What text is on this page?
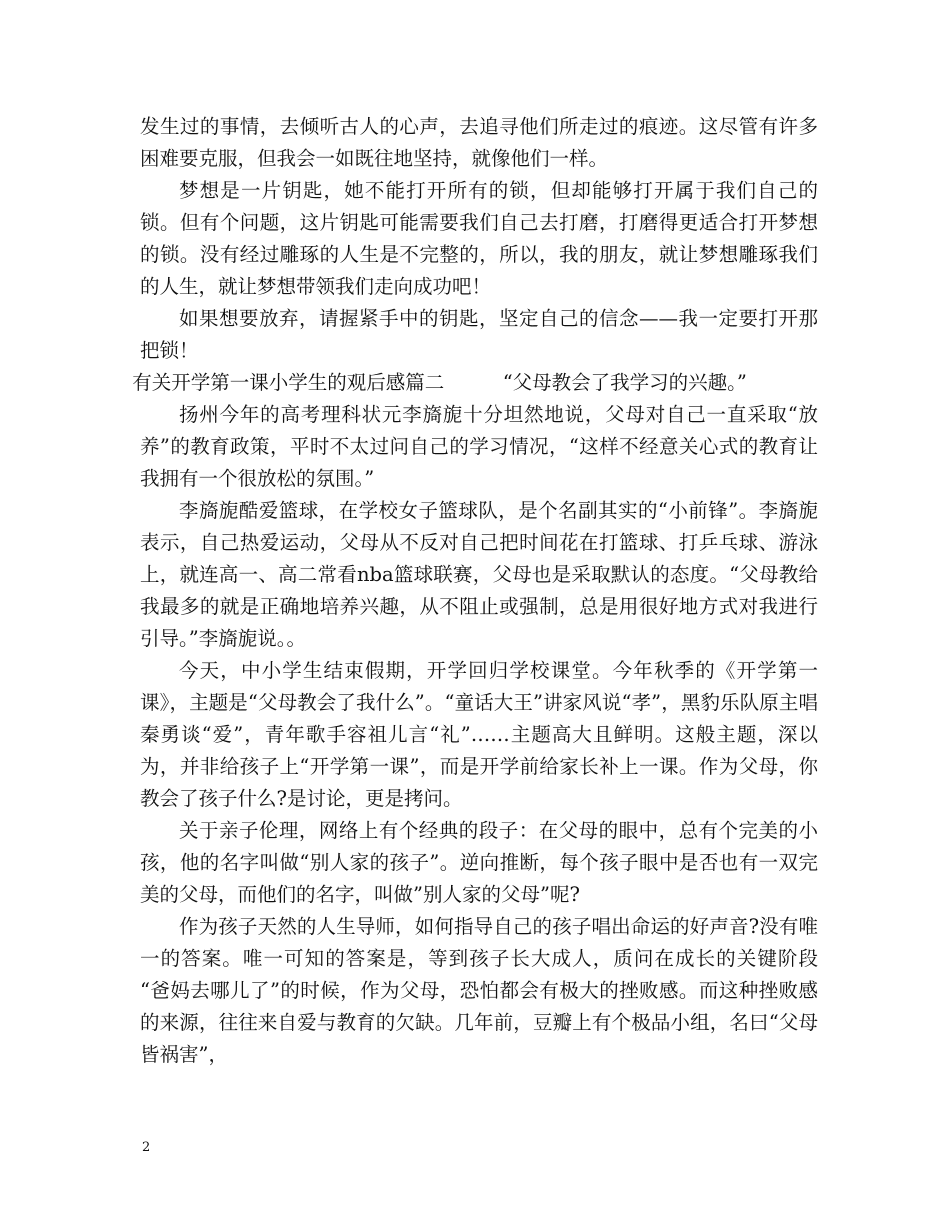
发生过的事情，去倾听古人的心声，去追寻他们所走过的痕迹。这尽管有许多困难要克服，但我会一如既往地坚持，就像他们一样。

梦想是一片钥匙，她不能打开所有的锁，但却能够打开属于我们自己的锁。但有个问题，这片钥匙可能需要我们自己去打磨，打磨得更适合打开梦想的锁。没有经过雕琢的人生是不完整的，所以，我的朋友，就让梦想雕琢我们的人生，就让梦想带领我们走向成功吧！

如果想要放弃，请握紧手中的钥匙，坚定自己的信念——我一定要打开那把锁！

有关开学第一课小学生的观后感篇二　　　“父母教会了我学习的兴趣。”

扬州今年的高考理科状元李旖旎十分坦然地说，父母对自己一直采取“放养”的教育政策，平时不太过问自己的学习情况，“这样不经意关心式的教育让我拥有一个很放松的氛围。”

李旖旎酷爱篮球，在学校女子篮球队，是个名副其实的“小前锋”。李旖旎表示，自己热爱运动，父母从不反对自己把时间花在打篮球、打乒乓球、游泳上，就连高一、高二常看nba篮球联赛，父母也是采取默认的态度。“父母教给我最多的就是正确地培养兴趣，从不阻止或强制，总是用很好地方式对我进行引导。”李旖旎说。。

今天，中小学生结束假期，开学回归学校课堂。今年秋季的《开学第一课》，主题是“父母教会了我什么”。“童话大王”讲家风说“孝”，黑豹乐队原主唱秦勇谈“爱”，青年歌手容祖儿言“礼”……主题高大且鲜明。这般主题，深以为，并非给孩子上“开学第一课”，而是开学前给家长补上一课。作为父母，你教会了孩子什么?是讨论，更是拷问。

关于亲子伦理，网络上有个经典的段子：在父母的眼中，总有个完美的小孩，他的名字叫做“别人家的孩子”。逆向推断，每个孩子眼中是否也有一双完美的父母，而他们的名字，叫做”别人家的父母”呢?

作为孩子天然的人生导师，如何指导自己的孩子唱出命运的好声音?没有唯一的答案。唯一可知的答案是，等到孩子长大成人，质问在成长的关键阶段 “爸妈去哪儿了”的时候，作为父母，恐怕都会有极大的挫败感。而这种挫败感的来源，往往来自爱与教育的欠缺。几年前，豆瓣上有个极品小组，名曰“父母皆祸害”，

2
